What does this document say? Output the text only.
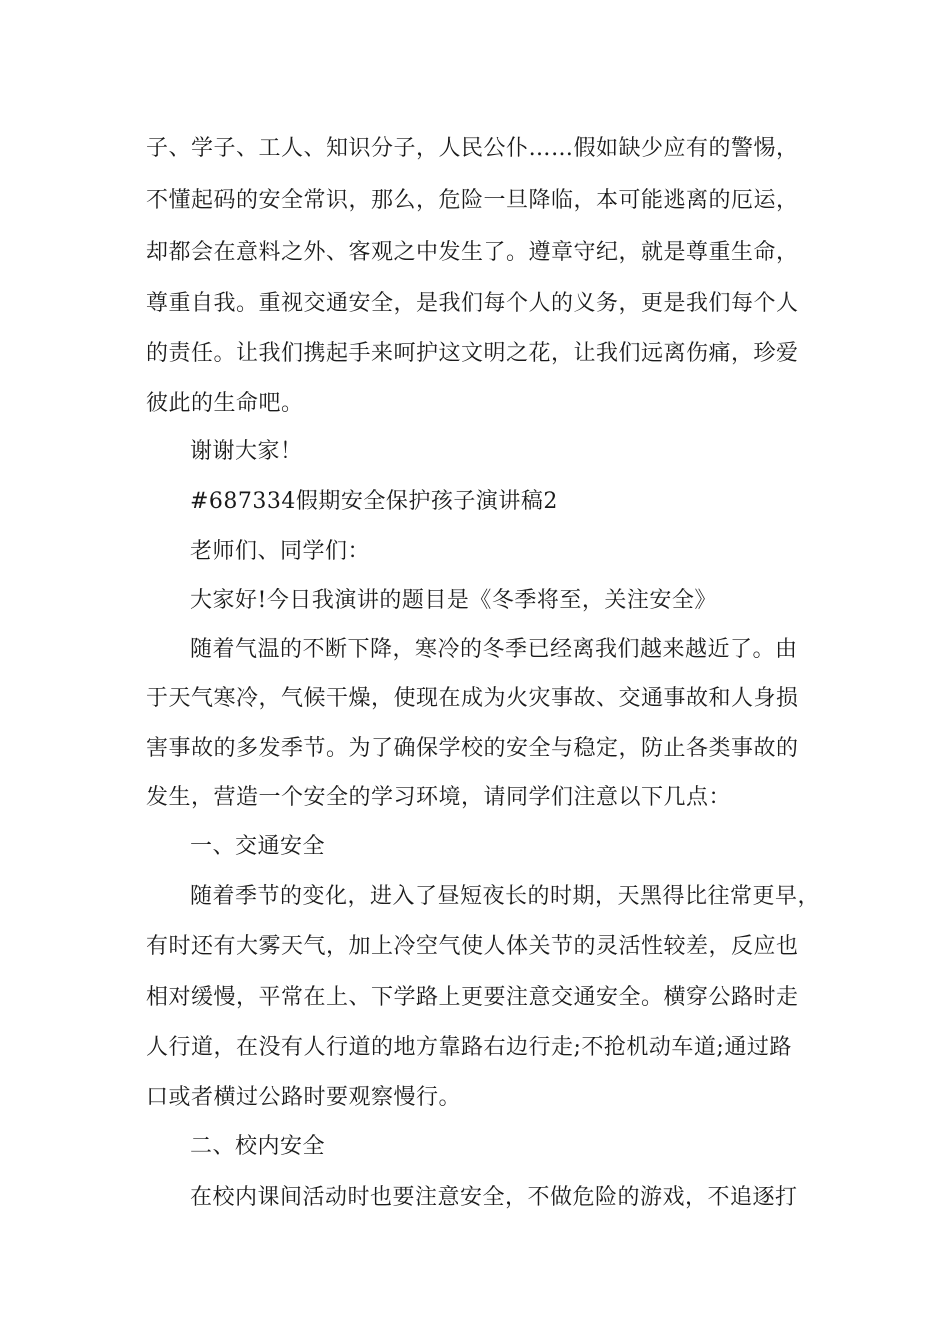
子、学子、工人、知识分子，人民公仆……假如缺少应有的警惕，
不懂起码的安全常识，那么，危险一旦降临，本可能逃离的厄运，
却都会在意料之外、客观之中发生了。遵章守纪，就是尊重生命，
尊重自我。重视交通安全，是我们每个人的义务，更是我们每个人
的责任。让我们携起手来呵护这文明之花，让我们远离伤痛，珍爱
彼此的生命吧。
谢谢大家！
#687334假期安全保护孩子演讲稿2
老师们、同学们：
大家好!今日我演讲的题目是《冬季将至，关注安全》
随着气温的不断下降，寒冷的冬季已经离我们越来越近了。由
于天气寒冷，气候干燥，使现在成为火灾事故、交通事故和人身损
害事故的多发季节。为了确保学校的安全与稳定，防止各类事故的
发生，营造一个安全的学习环境，请同学们注意以下几点：
一、交通安全
随着季节的变化，进入了昼短夜长的时期，天黑得比往常更早，
有时还有大雾天气，加上冷空气使人体关节的灵活性较差，反应也
相对缓慢，平常在上、下学路上更要注意交通安全。横穿公路时走
人行道，在没有人行道的地方靠路右边行走;不抢机动车道;通过路
口或者横过公路时要观察慢行。
二、校内安全
在校内课间活动时也要注意安全，不做危险的游戏，不追逐打
